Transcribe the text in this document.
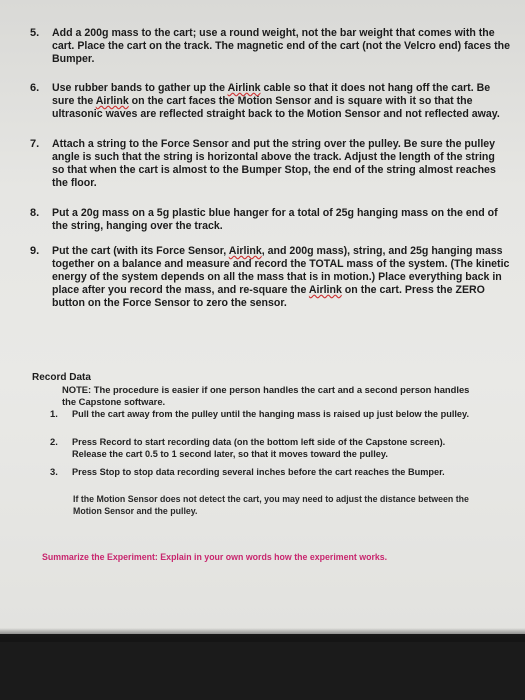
5. Add a 200g mass to the cart; use a round weight, not the bar weight that comes with the cart. Place the cart on the track. The magnetic end of the cart (not the Velcro end) faces the Bumper.
6. Use rubber bands to gather up the Airlink cable so that it does not hang off the cart. Be sure the Airlink on the cart faces the Motion Sensor and is square with it so that the ultrasonic waves are reflected straight back to the Motion Sensor and not reflected away.
7. Attach a string to the Force Sensor and put the string over the pulley. Be sure the pulley angle is such that the string is horizontal above the track. Adjust the length of the string so that when the cart is almost to the Bumper Stop, the end of the string almost reaches the floor.
8. Put a 20g mass on a 5g plastic blue hanger for a total of 25g hanging mass on the end of the string, hanging over the track.
9. Put the cart (with its Force Sensor, Airlink, and 200g mass), string, and 25g hanging mass together on a balance and measure and record the TOTAL mass of the system. (The kinetic energy of the system depends on all the mass that is in motion.) Place everything back in place after you record the mass, and re-square the Airlink on the cart. Press the ZERO button on the Force Sensor to zero the sensor.
Record Data
NOTE: The procedure is easier if one person handles the cart and a second person handles the Capstone software.
1. Pull the cart away from the pulley until the hanging mass is raised up just below the pulley.
2. Press Record to start recording data (on the bottom left side of the Capstone screen). Release the cart 0.5 to 1 second later, so that it moves toward the pulley.
3. Press Stop to stop data recording several inches before the cart reaches the Bumper.
If the Motion Sensor does not detect the cart, you may need to adjust the distance between the Motion Sensor and the pulley.
Summarize the Experiment: Explain in your own words how the experiment works.
